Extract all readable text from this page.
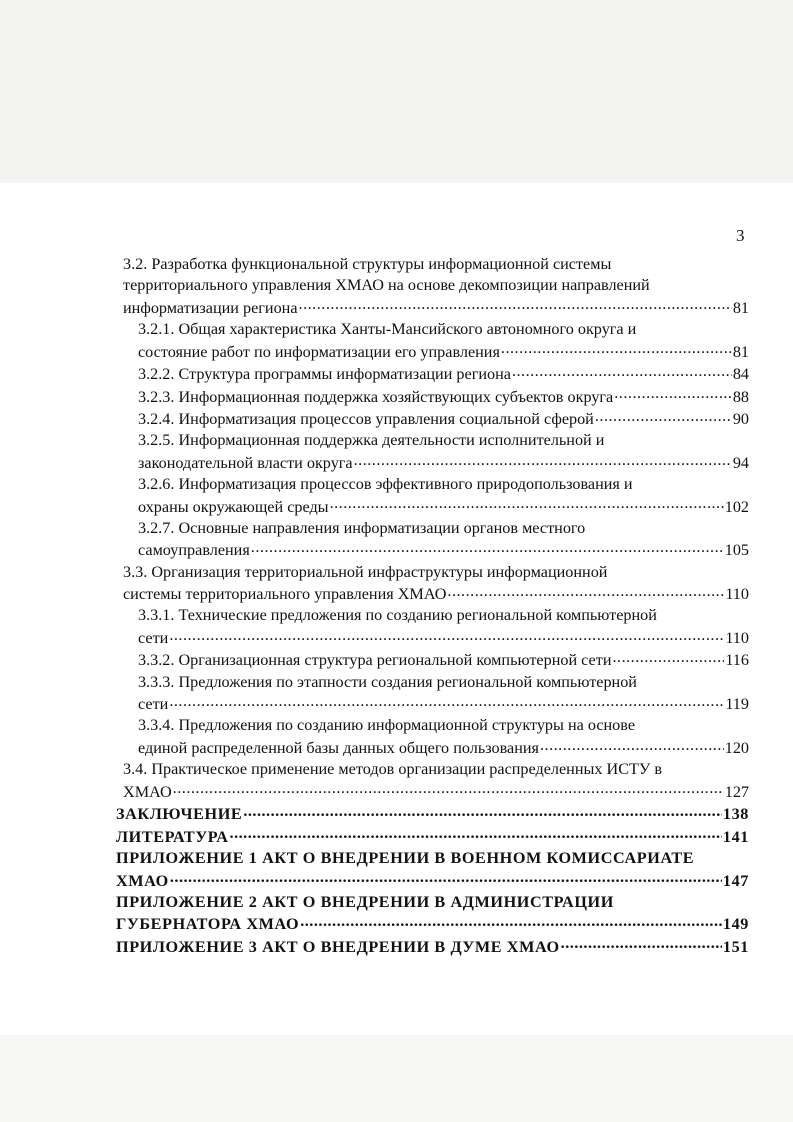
3
3.2. Разработка функциональной структуры информационной системы
территориального управления ХМАО на основе декомпозиции направлений
информатизации региона .....	81
3.2.1. Общая характеристика Ханты-Мансийского автономного округа и
состояние работ по информатизации его управления .....	81
3.2.2. Структура программы информатизации региона .....	84
3.2.3. Информационная поддержка хозяйствующих субъектов округа .....	88
3.2.4. Информатизация процессов управления социальной сферой .....	90
3.2.5. Информационная поддержка деятельности исполнительной и
законодательной власти округа .....	94
3.2.6. Информатизация процессов эффективного природопользования и
охраны окружающей среды .....	102
3.2.7. Основные направления информатизации органов местного
самоуправления .....	105
3.3. Организация территориальной инфраструктуры информационной
системы территориального управления ХМАО .....	110
3.3.1. Технические предложения по созданию региональной компьютерной
сети .....	110
3.3.2. Организационная структура региональной компьютерной сети .....	116
3.3.3. Предложения по этапности создания региональной компьютерной
сети .....	119
3.3.4. Предложения по созданию информационной структуры на основе
единой распределенной базы данных общего пользования .....	120
3.4. Практическое применение методов организации распределенных ИСТУ в
ХМАО .....	127
ЗАКЛЮЧЕНИЕ .....	138
ЛИТЕРАТУРА .....	141
ПРИЛОЖЕНИЕ 1 АКТ О ВНЕДРЕНИИ В ВОЕННОМ КОМИССАРИАТЕ
ХМАО .....	147
ПРИЛОЖЕНИЕ 2 АКТ О ВНЕДРЕНИИ В АДМИНИСТРАЦИИ
ГУБЕРНАТОРА ХМАО .....	149
ПРИЛОЖЕНИЕ 3 АКТ О ВНЕДРЕНИИ В ДУМЕ ХМАО .....	151
